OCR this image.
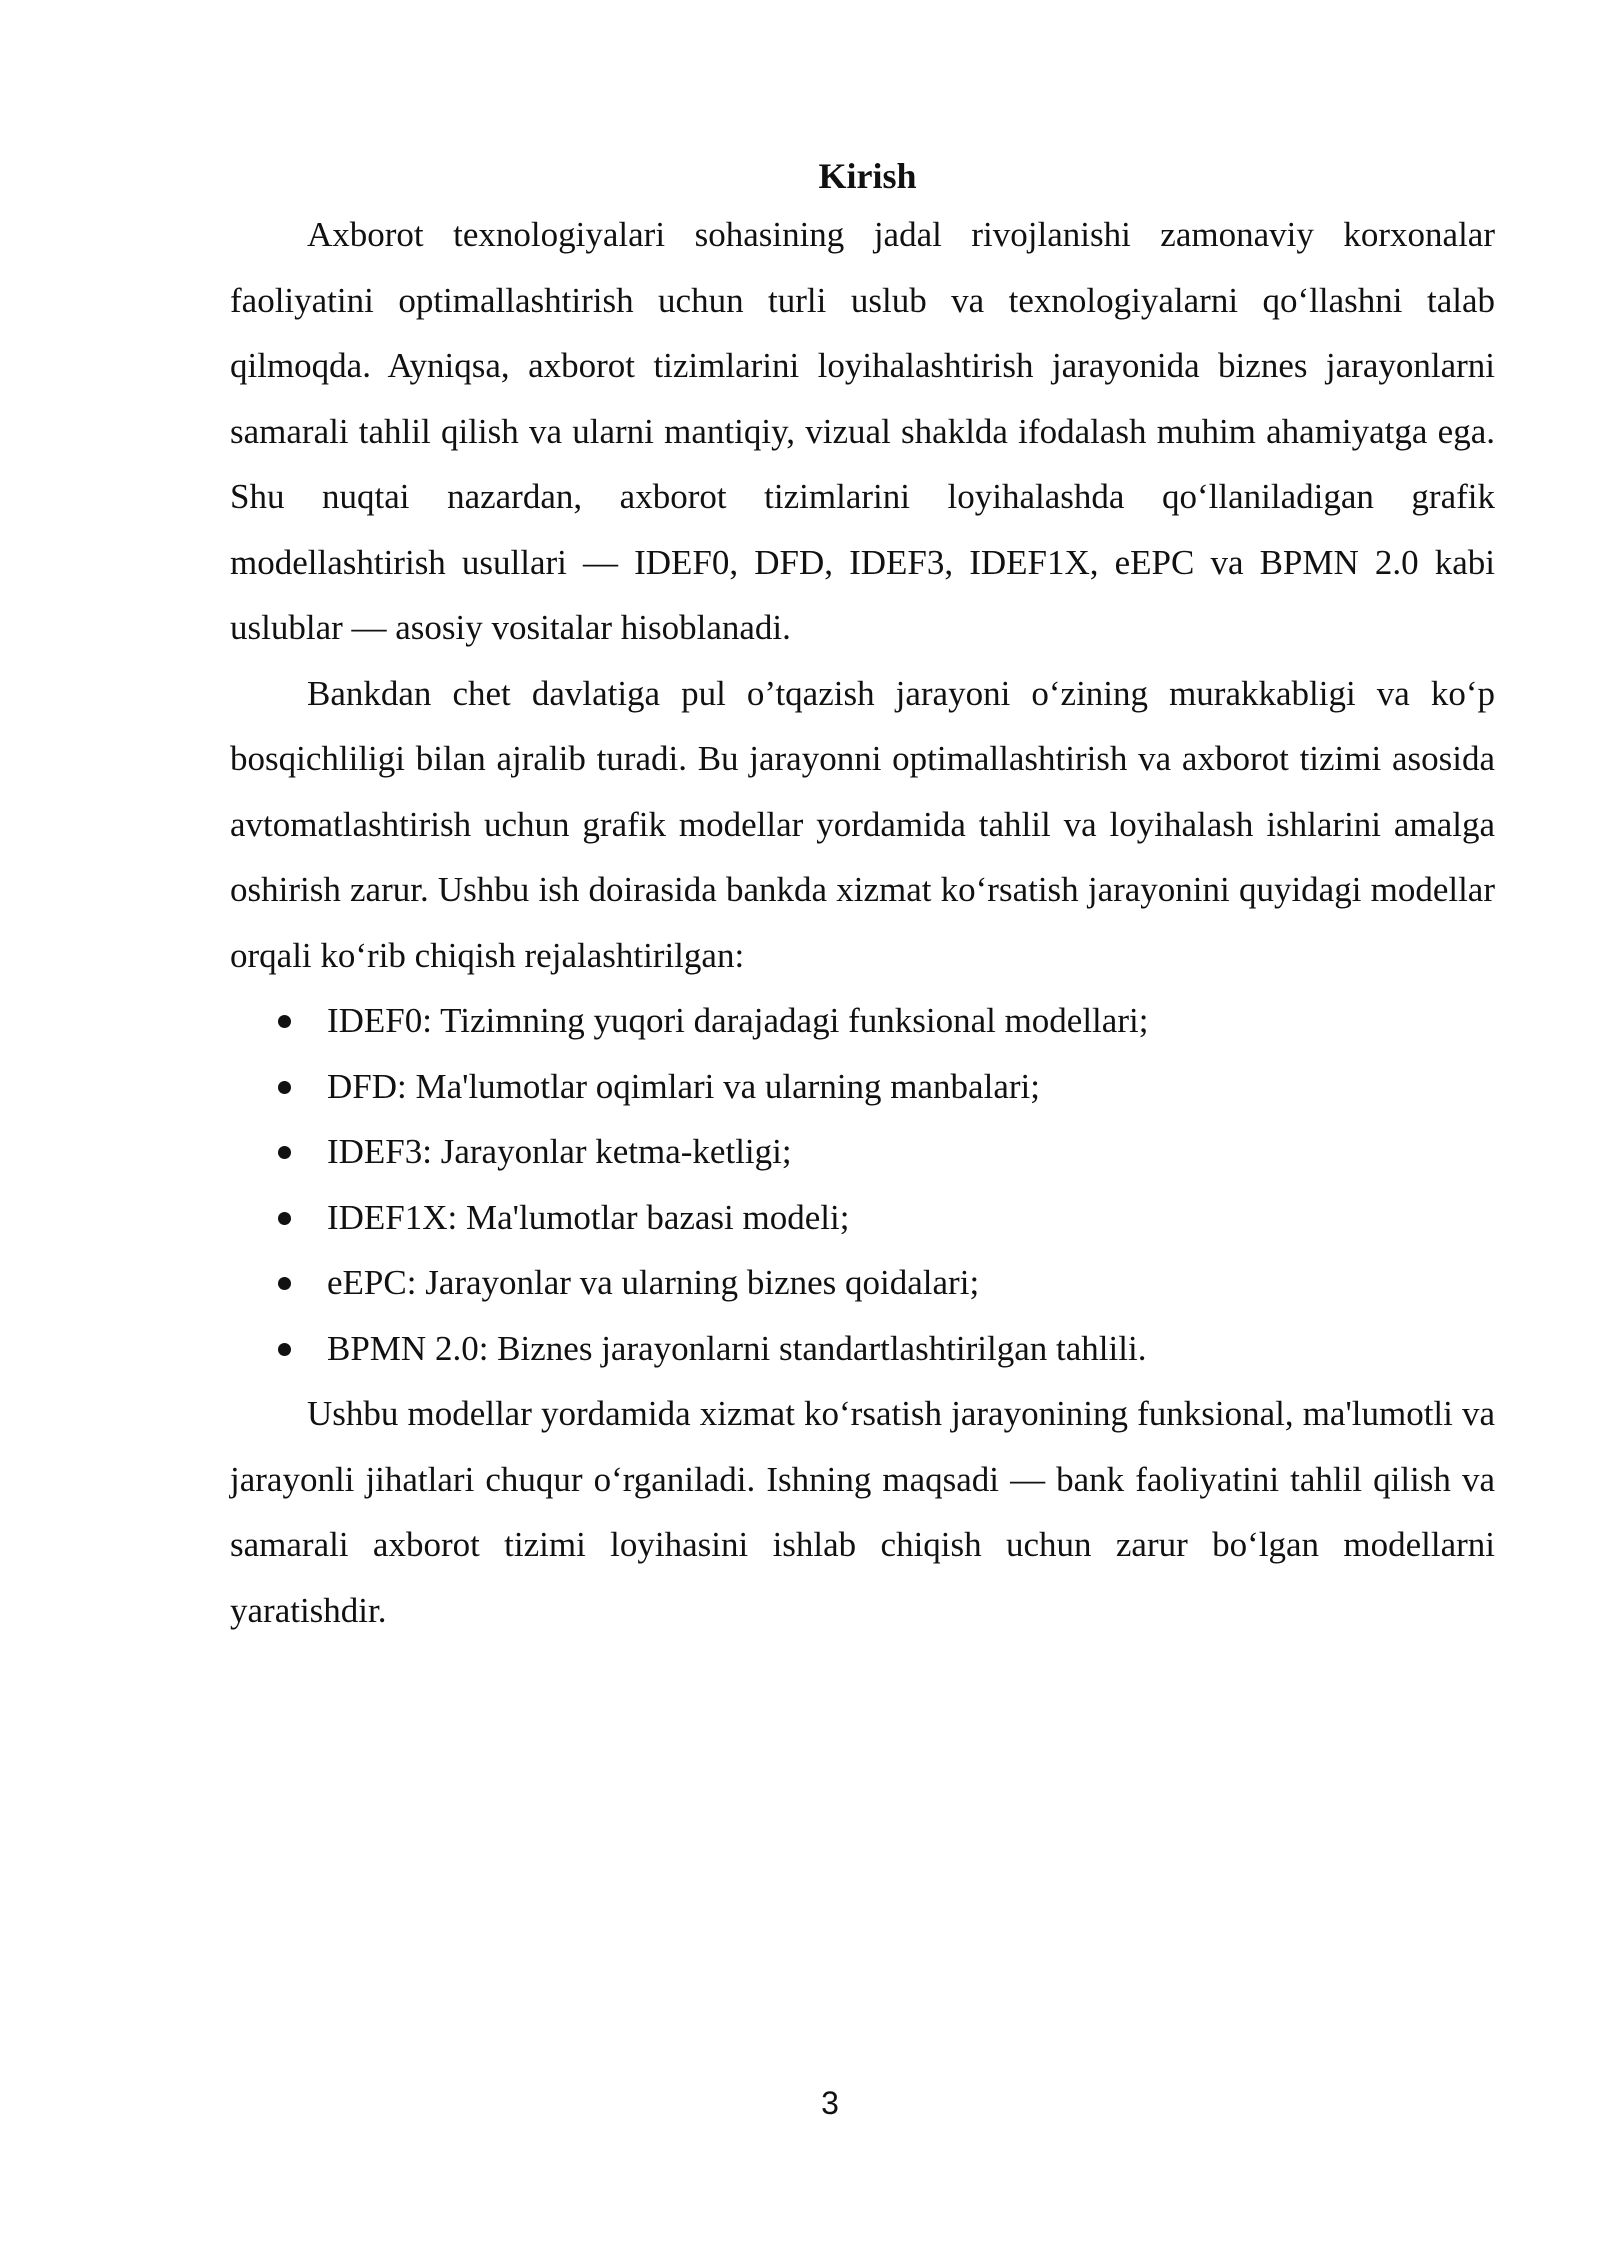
Kirish

Axborot texnologiyalari sohasining jadal rivojlanishi zamonaviy korxonalar faoliyatini optimallashtirish uchun turli uslub va texnologiyalarni qo‘llashni talab qilmoqda. Ayniqsa, axborot tizimlarini loyihalashtirish jarayonida biznes jarayonlarni samarali tahlil qilish va ularni mantiqiy, vizual shaklda ifodalash muhim ahamiyatga ega. Shu nuqtai nazardan, axborot tizimlarini loyihalashda qo‘llaniladigan grafik modellashtirish usullari — IDEF0, DFD, IDEF3, IDEF1X, eEPC va BPMN 2.0 kabi uslublar — asosiy vositalar hisoblanadi.

Bankdan chet davlatiga pul o’tqazish jarayoni o‘zining murakkabligi va ko‘p bosqichliligi bilan ajralib turadi. Bu jarayonni optimallashtirish va axborot tizimi asosida avtomatlashtirish uchun grafik modellar yordamida tahlil va loyihalash ishlarini amalga oshirish zarur. Ushbu ish doirasida bankda xizmat ko‘rsatish jarayonini quyidagi modellar orqali ko‘rib chiqish rejalashtirilgan:

IDEF0: Tizimning yuqori darajadagi funksional modellari;
DFD: Ma'lumotlar oqimlari va ularning manbalari;
IDEF3: Jarayonlar ketma-ketligi;
IDEF1X: Ma'lumotlar bazasi modeli;
eEPC: Jarayonlar va ularning biznes qoidalari;
BPMN 2.0: Biznes jarayonlarni standartlashtirilgan tahlili.

Ushbu modellar yordamida xizmat ko‘rsatish jarayonining funksional, ma'lumotli va jarayonli jihatlari chuqur o‘rganiladi. Ishning maqsadi — bank faoliyatini tahlil qilish va samarali axborot tizimi loyihasini ishlab chiqish uchun zarur bo‘lgan modellarni yaratishdir.

3
